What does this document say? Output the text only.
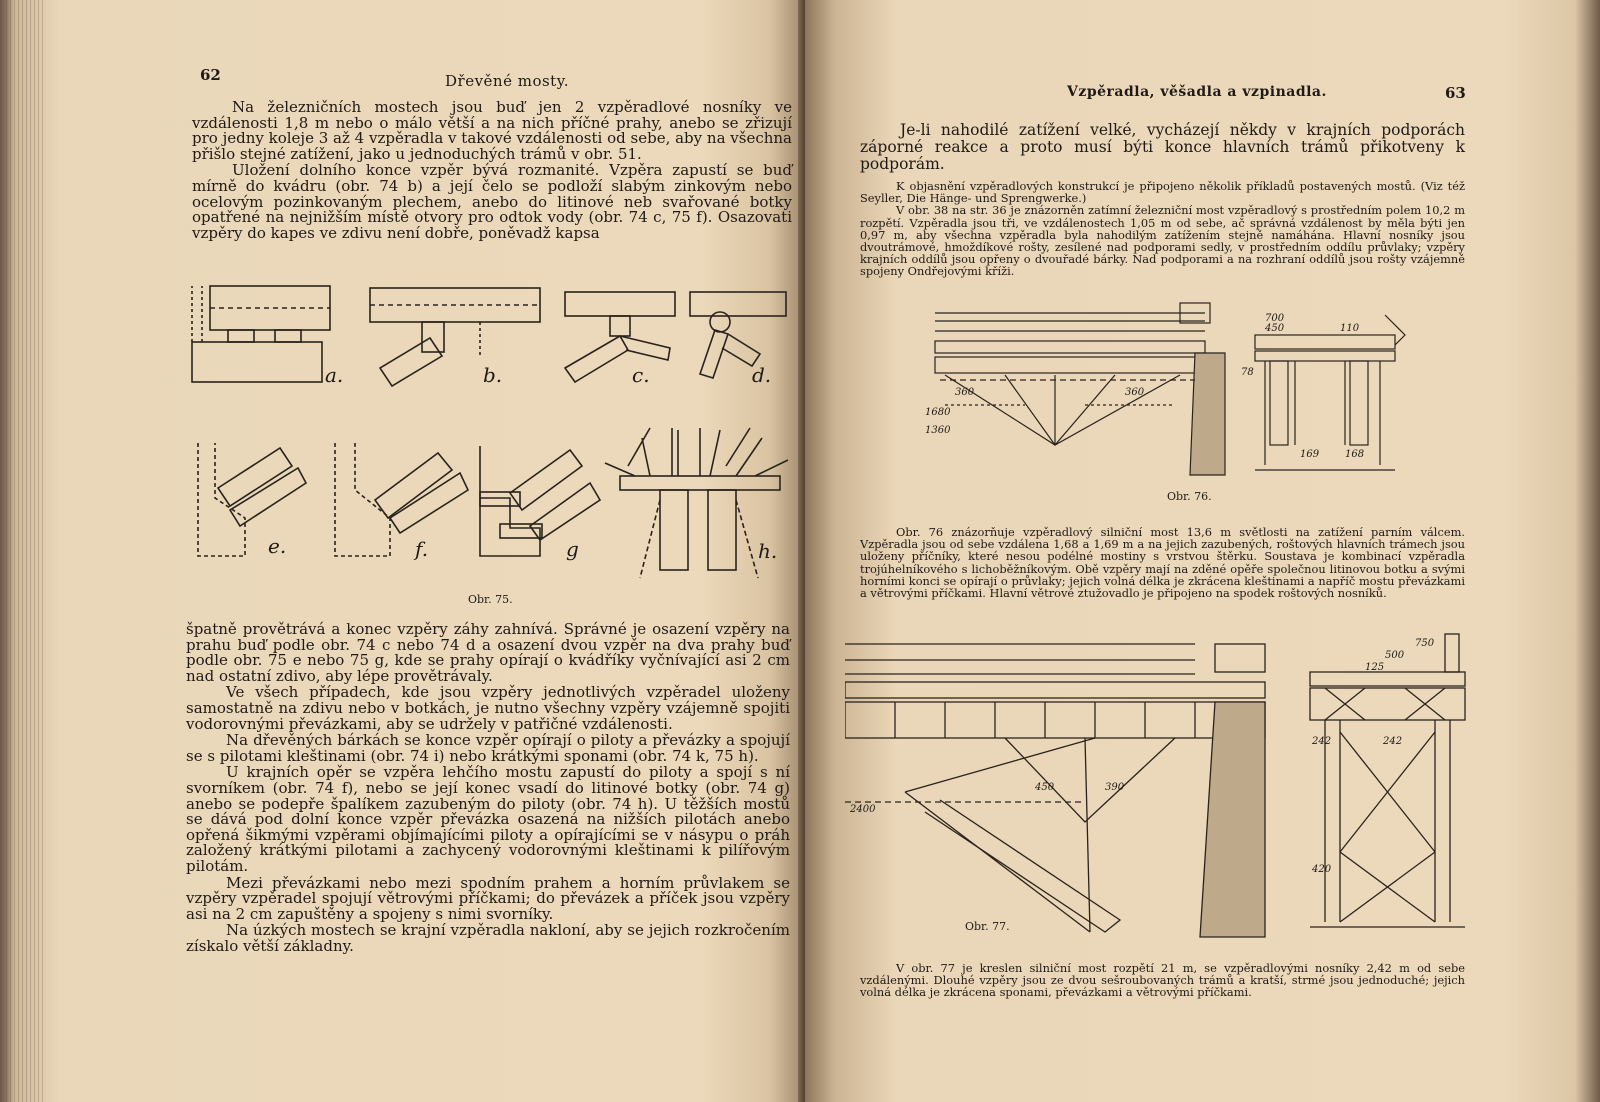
62	Dřevěné mosty.

Na železničních mostech jsou buď jen 2 vzpěradlové nosníky ve vzdálenosti 1,8 m nebo o málo větší a na nich příčné prahy, anebo se zřizují pro jedny koleje 3 až 4 vzpěradla v takové vzdálenosti od sebe, aby na všechna přišlo stejné zatížení, jako u jednoduchých trámů v obr. 51.

Uložení dolního konce vzpěr bývá rozmanité. Vzpěra zapustí se buď mírně do kvádru (obr. 74 b) a její čelo se podloží slabým zinkovým nebo ocelovým pozinkovaným plechem, anebo do litinové neb svařované botky opatřené na nejnižším místě otvory pro odtok vody (obr. 74 c, 75 f). Osazovati vzpěry do kapes ve zdivu není dobře, poněvadž kapsa

a.	b.	c.	d.
e.	f.	g	h.
Obr. 75.

špatně provětrává a konec vzpěry záhy zahnívá. Správné je osazení vzpěry na prahu buď podle obr. 74 c nebo 74 d a osazení dvou vzpěr na dva prahy buď podle obr. 75 e nebo 75 g, kde se prahy opírají o kvádříky vyčnívající asi 2 cm nad ostatní zdivo, aby lépe provětrávaly.

Ve všech případech, kde jsou vzpěry jednotlivých vzpěradel uloženy samostatně na zdivu nebo v botkách, je nutno všechny vzpěry vzájemně spojiti vodorovnými převázkami, aby se udržely v patřičné vzdálenosti.

Na dřevěných bárkách se konce vzpěr opírají o piloty a převázky a spojují se s pilotami kleštinami (obr. 74 i) nebo krátkými sponami (obr. 74 k, 75 h).

U krajních opěr se vzpěra lehčího mostu zapustí do piloty a spojí s ní svorníkem (obr. 74 f), nebo se její konec vsadí do litinové botky (obr. 74 g) anebo se podepře špalíkem zazubeným do piloty (obr. 74 h). U těžších mostů se dává pod dolní konce vzpěr převázka osazená na nižších pilotách anebo opřená šikmými vzpěrami objímajícími piloty a opírajícími se v násypu o práh založený krátkými pilotami a zachycený vodorovnými kleštinami k pilířovým pilotám.

Mezi převázkami nebo mezi spodním prahem a horním průvlakem se vzpěry vzpěradel spojují větrovými příčkami; do převázek a příček jsou vzpěry asi na 2 cm zapuštěny a spojeny s nimi svorníky.

Na úzkých mostech se krajní vzpěradla nakloní, aby se jejich rozkročením získalo větší základny.

Vzpěradla, věšadla a vzpinadla.	63

Je-li nahodilé zatížení velké, vycházejí někdy v krajních podporách záporné reakce a proto musí býti konce hlavních trámů přikotveny k podporám.

K objasnění vzpěradlových konstrukcí je připojeno několik příkladů postavených mostů. (Viz též Seyller, Die Hänge- und Sprengwerke.)

V obr. 38 na str. 36 je znázorněn zatímní železniční most vzpěradlový s prostředním polem 10,2 m rozpětí. Vzpěradla jsou tři, ve vzdálenostech 1,05 m od sebe, ač správná vzdálenost by měla býti jen 0,97 m, aby všechna vzpěradla byla nahodilým zatížením stejně namáhána. Hlavní nosníky jsou dvoutrámové, hmoždíkové rošty, zesílené nad podporami sedly, v prostředním oddílu průvlaky; vzpěry krajních oddílů jsou opřeny o dvouřadé bárky. Nad podporami a na rozhraní oddílů jsou rošty vzájemně spojeny Ondřejovými kříži.

360	360
1680
1360
700
450	110
169	168
78
Obr. 76.

Obr. 76 znázorňuje vzpěradlový silniční most 13,6 m světlosti na zatížení parním válcem. Vzpěradla jsou od sebe vzdálena 1,68 a 1,69 m a na jejich zazubených, roštových hlavních trámech jsou uloženy příčníky, které nesou podélné mostiny s vrstvou štěrku. Soustava je kombinací vzpěradla trojúhelníkového s lichoběžníkovým. Obě vzpěry mají na zděné opěře společnou litinovou botku a svými horními konci se opírají o průvlaky; jejich volná délka je zkrácena kleštinami a napříč mostu převázkami a větrovými příčkami. Hlavní větrové ztužovadlo je připojeno na spodek roštových nosníků.

2400
450	390
242	242
420
750
500
125
Obr. 77.

V obr. 77 je kreslen silniční most rozpětí 21 m, se vzpěradlovými nosníky 2,42 m od sebe vzdálenými. Dlouhé vzpěry jsou ze dvou sešroubovaných trámů a kratší, strmé jsou jednoduché; jejich volná délka je zkrácena sponami, převázkami a větrovými příčkami.
